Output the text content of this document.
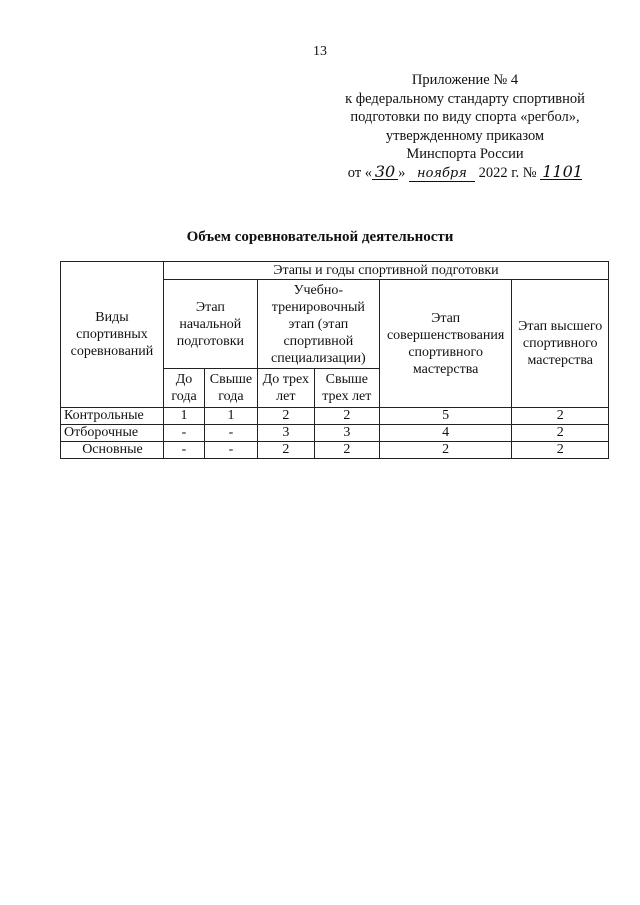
13
Приложение № 4
к федеральному стандарту спортивной
подготовки по виду спорта «регбол»,
утвержденному приказом
Минспорта России
от « 30 » ноября 2022 г. № 1101
Объем соревновательной деятельности
Виды спортивных соревнований	Этапы и годы спортивной подготовки					
	Этап начальной подготовки		Учебно-тренировочный этап (этап спортивной специализации)		Этап совершенствования спортивного мастерства	Этап высшего спортивного мастерства
	До года	Свыше года	До трех лет	Свыше трех лет		
Контрольные	1	1	2	2	5	2
Отборочные	-	-	3	3	4	2
Основные	-	-	2	2	2	2
